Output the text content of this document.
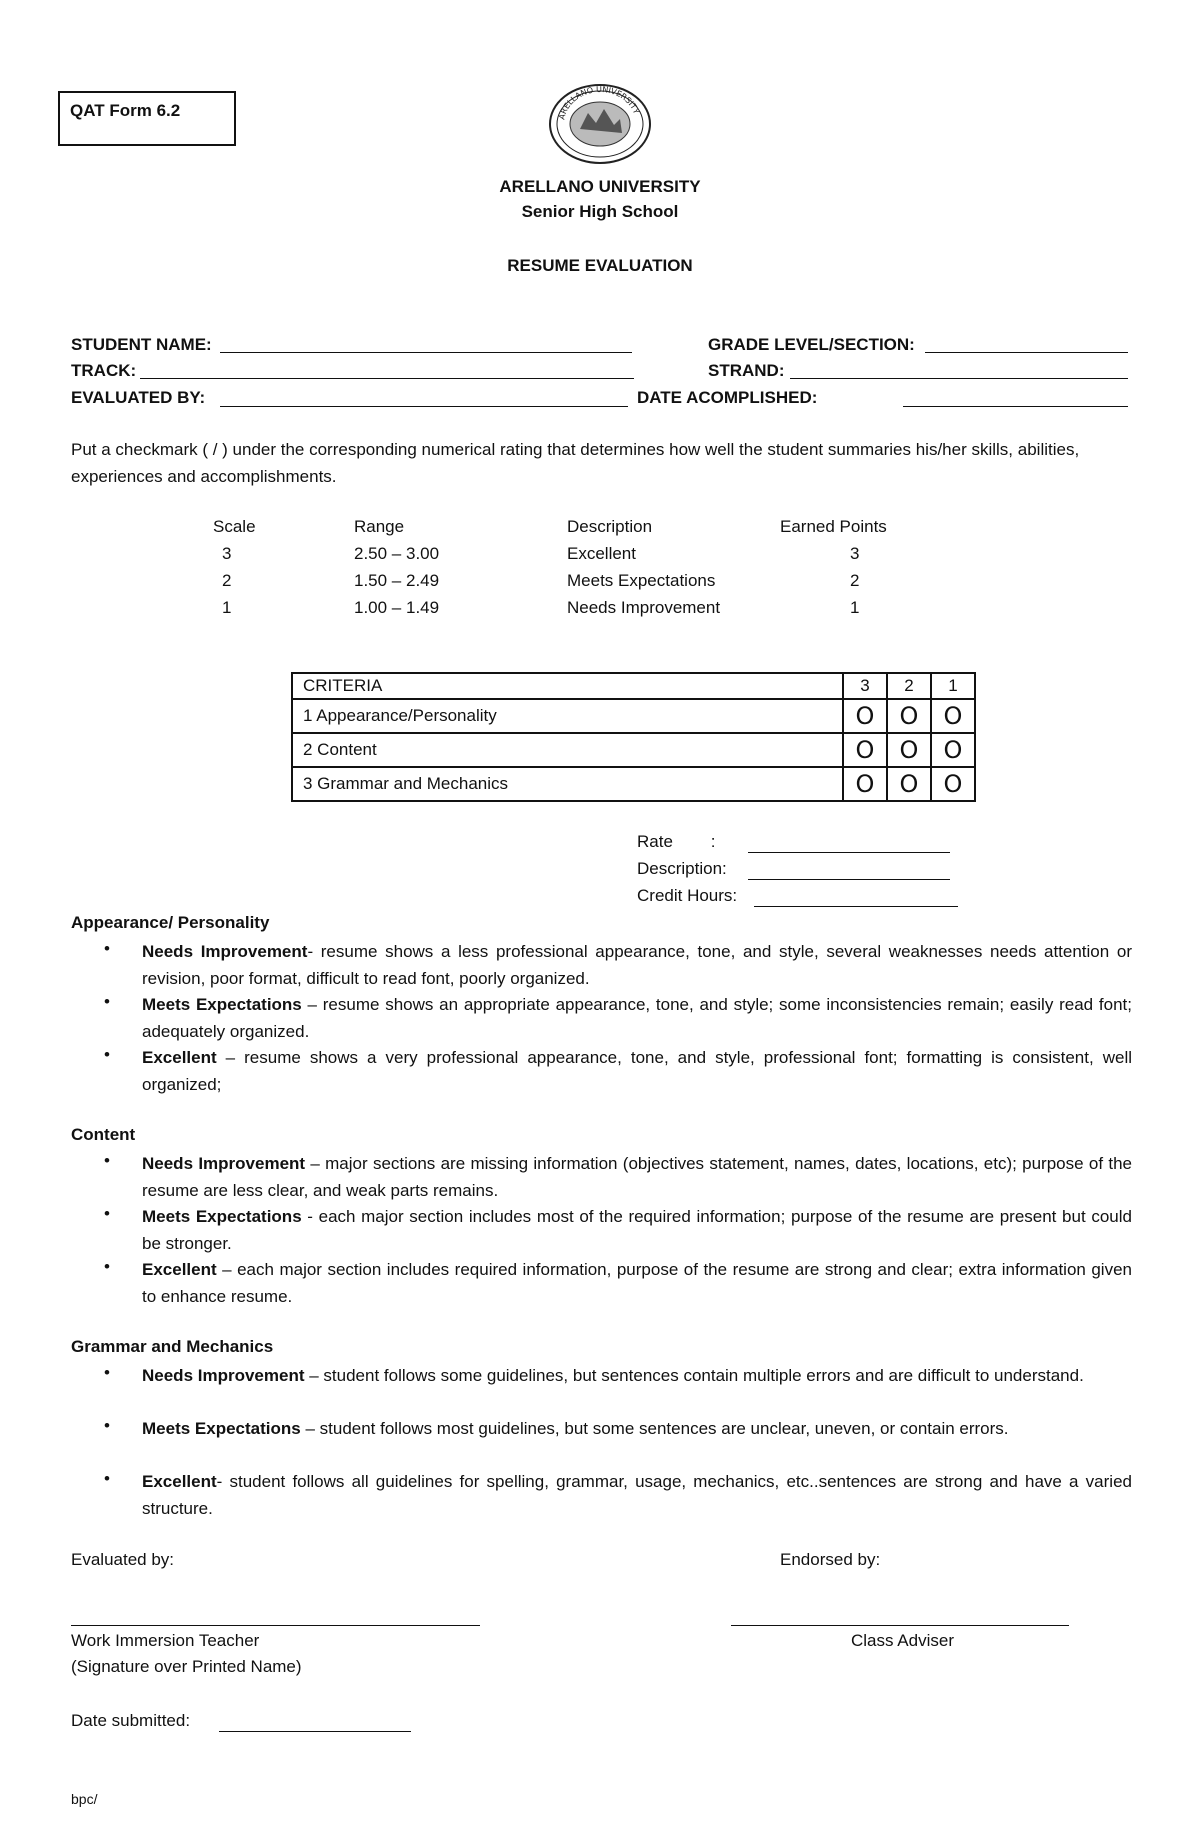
QAT Form 6.2	ARELLANO UNIVERSITY
ARELLANO UNIVERSITY
Senior High School
RESUME EVALUATION
STUDENT NAME:	GRADE LEVEL/SECTION:
TRACK:	STRAND:
EVALUATED BY:	DATE ACOMPLISHED:
Put a checkmark ( / ) under the corresponding numerical rating that determines how well the student summaries his/her skills, abilities, experiences and accomplishments.
Scale	Range	Description	Earned Points
3	2.50 – 3.00	Excellent	3
2	1.50 – 2.49	Meets Expectations	2
1	1.00 – 1.49	Needs Improvement	1
CRITERIA	3	2	1
1 Appearance/Personality	O	O	O
2 Content	O	O	O
3 Grammar and Mechanics	O	O	O
Rate        :
Description:
Credit Hours:
Appearance/ Personality
• Needs Improvement- resume shows a less professional appearance, tone, and style, several weaknesses needs attention or revision, poor format, difficult to read font, poorly organized.
• Meets Expectations – resume shows an appropriate appearance, tone, and style; some inconsistencies remain; easily read font; adequately organized.
• Excellent – resume shows a very professional appearance, tone, and style, professional font; formatting is consistent, well organized;
Content
• Needs Improvement – major sections are missing information (objectives statement, names, dates, locations, etc); purpose of the resume are less clear, and weak parts remains.
• Meets Expectations - each major section includes most of the required information; purpose of the resume are present but could be stronger.
• Excellent – each major section includes required information, purpose of the resume are strong and clear; extra information given to enhance resume.
Grammar and Mechanics
• Needs Improvement – student follows some guidelines, but sentences contain multiple errors and are difficult to understand.
• Meets Expectations – student follows most guidelines, but some sentences are unclear, uneven, or contain errors.
• Excellent- student follows all guidelines for spelling, grammar, usage, mechanics, etc..sentences are strong and have a varied structure.
Evaluated by:	Endorsed by:
Work Immersion Teacher	Class Adviser
(Signature over Printed Name)
Date submitted:
bpc/
